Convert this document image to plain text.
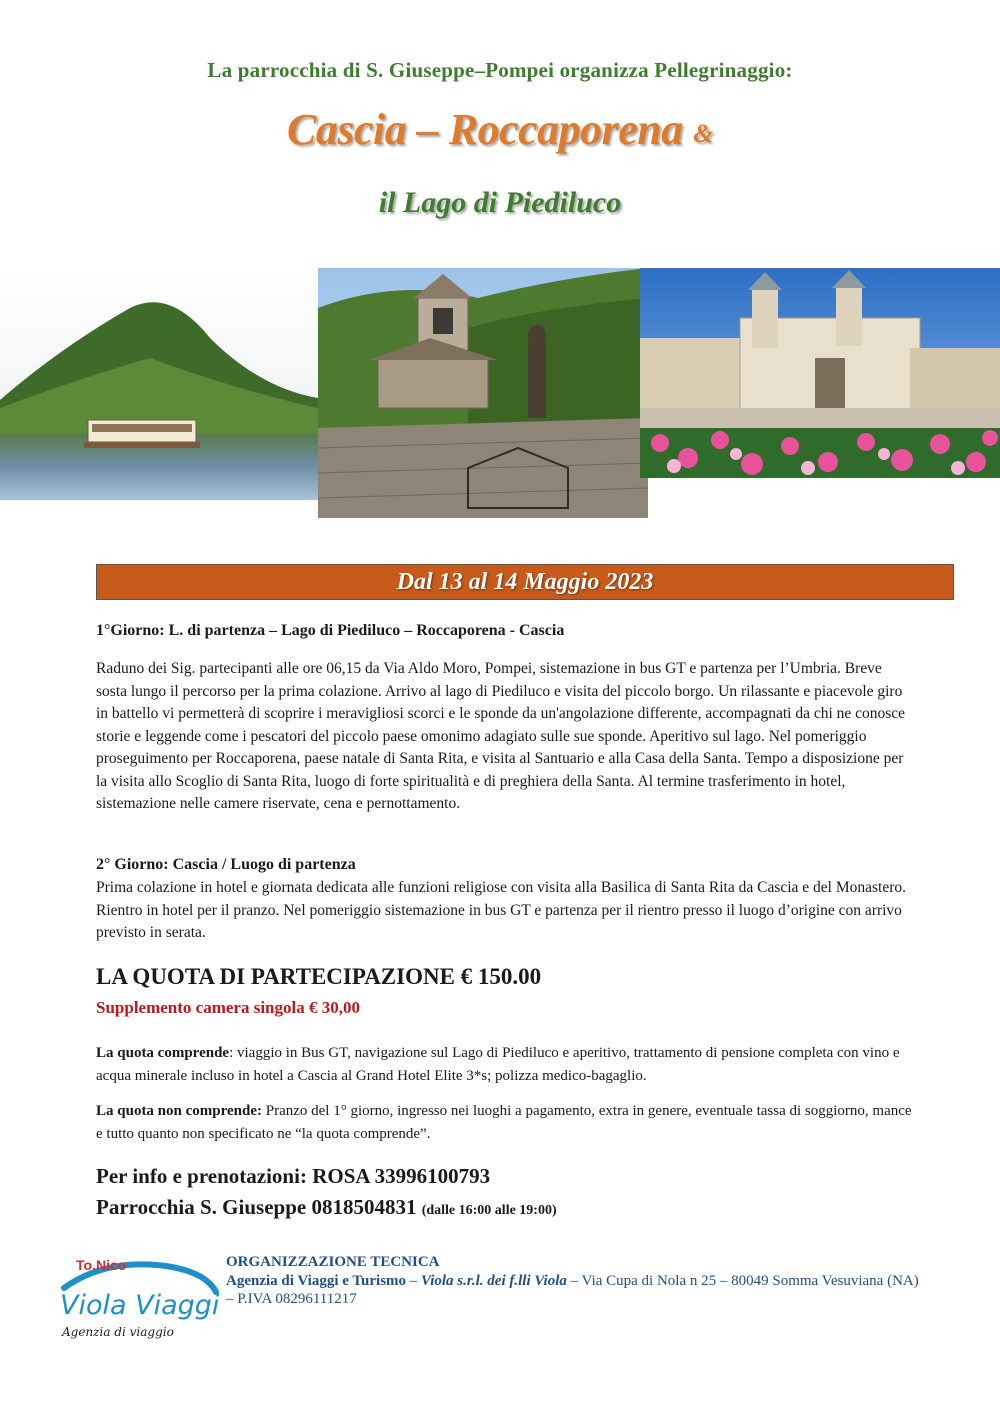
La parrocchia di S. Giuseppe–Pompei organizza Pellegrinaggio:

Cascia – Roccaporena &
il Lago di Piediluco
Dal 13 al 14 Maggio 2023

1°Giorno: L. di partenza – Lago di Piediluco – Roccaporena - Cascia

Raduno dei Sig. partecipanti alle ore 06,15 da Via Aldo Moro, Pompei, sistemazione in bus GT e partenza per l’Umbria. Breve sosta lungo il percorso per la prima colazione. Arrivo al lago di Piediluco e visita del piccolo borgo. Un rilassante e piacevole giro in battello vi permetterà di scoprire i meravigliosi scorci e le sponde da un'angolazione differente, accompagnati da chi ne conosce storie e leggende come i pescatori del piccolo paese omonimo adagiato sulle sue sponde. Aperitivo sul lago. Nel pomeriggio proseguimento per Roccaporena, paese natale di Santa Rita, e visita al Santuario e alla Casa della Santa. Tempo a disposizione per la visita allo Scoglio di Santa Rita, luogo di forte spiritualità e di preghiera della Santa. Al termine trasferimento in hotel, sistemazione nelle camere riservate, cena e pernottamento.

2° Giorno: Cascia / Luogo di partenza

Prima colazione in hotel e giornata dedicata alle funzioni religiose con visita alla Basilica di Santa Rita da Cascia e del Monastero. Rientro in hotel per il pranzo. Nel pomeriggio sistemazione in bus GT e partenza per il rientro presso il luogo d’origine con arrivo previsto in serata.

LA QUOTA DI PARTECIPAZIONE € 150.00

Supplemento camera singola € 30,00

La quota comprende: viaggio in Bus GT, navigazione sul Lago di Piediluco e aperitivo, trattamento di pensione completa con vino e acqua minerale incluso in hotel a Cascia al Grand Hotel Elite 3*s; polizza medico-bagaglio.

La quota non comprende: Pranzo del 1° giorno, ingresso nei luoghi a pagamento, extra in genere, eventuale tassa di soggiorno, mance e tutto quanto non specificato ne “la quota comprende”.

Per info e prenotazioni: ROSA 33996100793

Parrocchia S. Giuseppe 0818504831 (dalle 16:00 alle 19:00)

To.Nico
Viola Viaggi
Agenzia di viaggio

ORGANIZZAZIONE TECNICA
Agenzia di Viaggi e Turismo – Viola s.r.l. dei f.lli Viola – Via Cupa di Nola n 25 – 80049 Somma Vesuviana (NA) – P.IVA 08296111217
